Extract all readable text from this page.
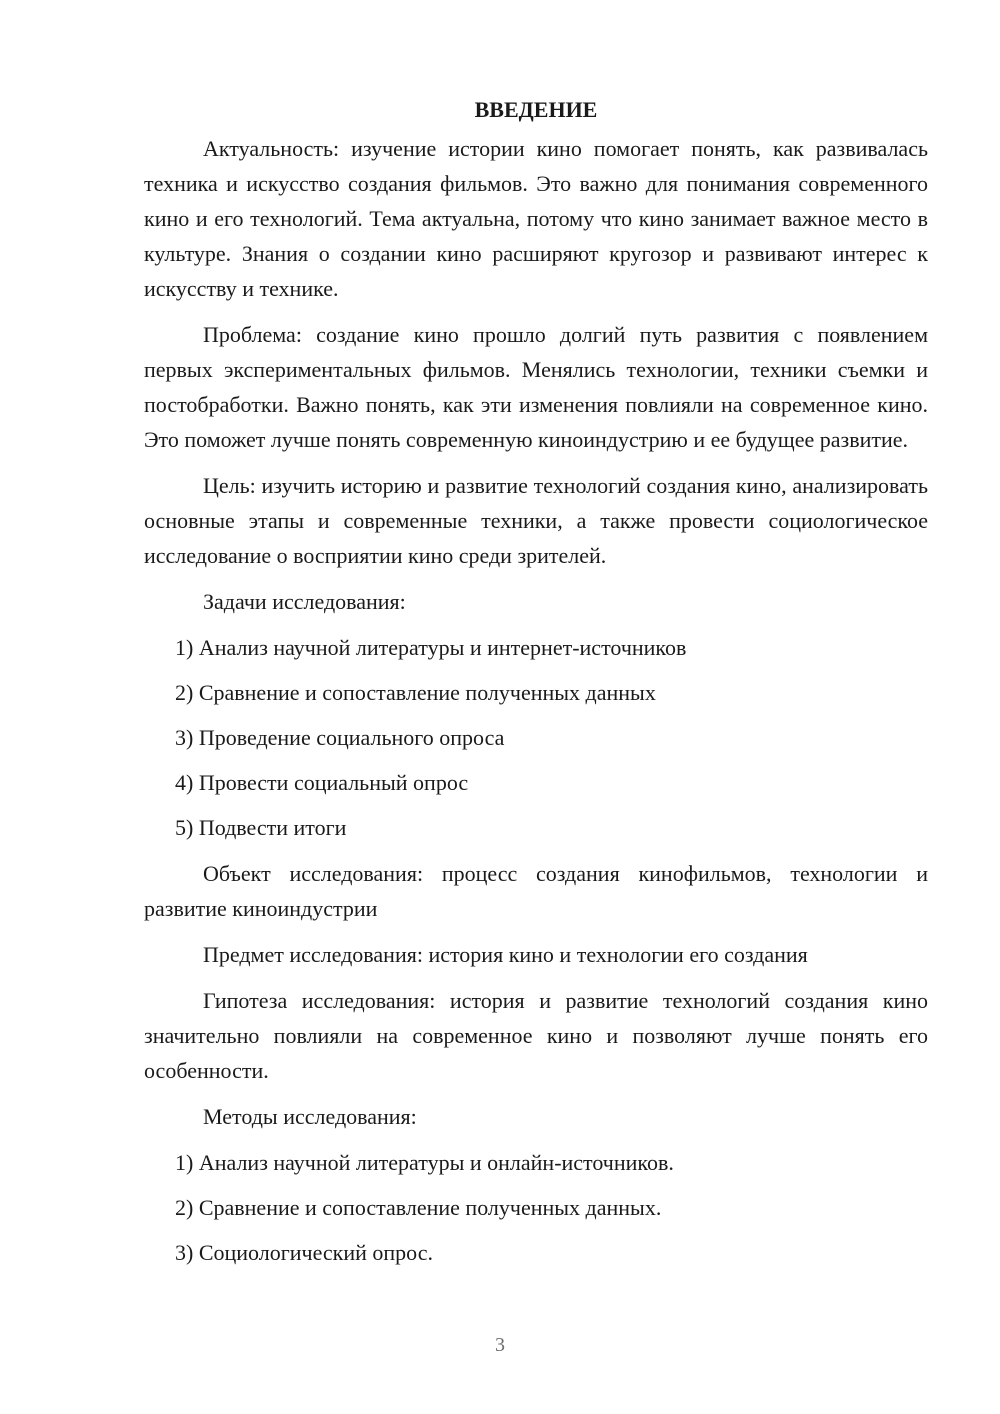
ВВЕДЕНИЕ

Актуальность: изучение истории кино помогает понять, как развивалась техника и искусство создания фильмов. Это важно для понимания современного кино и его технологий. Тема актуальна, потому что кино занимает важное место в культуре. Знания о создании кино расширяют кругозор и развивают интерес к искусству и технике.

Проблема: создание кино прошло долгий путь развития с появлением первых экспериментальных фильмов. Менялись технологии, техники съемки и постобработки. Важно понять, как эти изменения повлияли на современное кино. Это поможет лучше понять современную киноиндустрию и ее будущее развитие.

Цель: изучить историю и развитие технологий создания кино, анализировать основные этапы и современные техники, а также провести социологическое исследование о восприятии кино среди зрителей.

Задачи исследования:

1) Анализ научной литературы и интернет-источников
2) Сравнение и сопоставление полученных данных
3) Проведение социального опроса
4) Провести социальный опрос
5) Подвести итоги

Объект исследования: процесс создания кинофильмов, технологии и развитие киноиндустрии

Предмет исследования: история кино и технологии его создания

Гипотеза исследования: история и развитие технологий создания кино значительно повлияли на современное кино и позволяют лучше понять его особенности.

Методы исследования:

1) Анализ научной литературы и онлайн-источников.
2) Сравнение и сопоставление полученных данных.
3) Социологический опрос.
3
